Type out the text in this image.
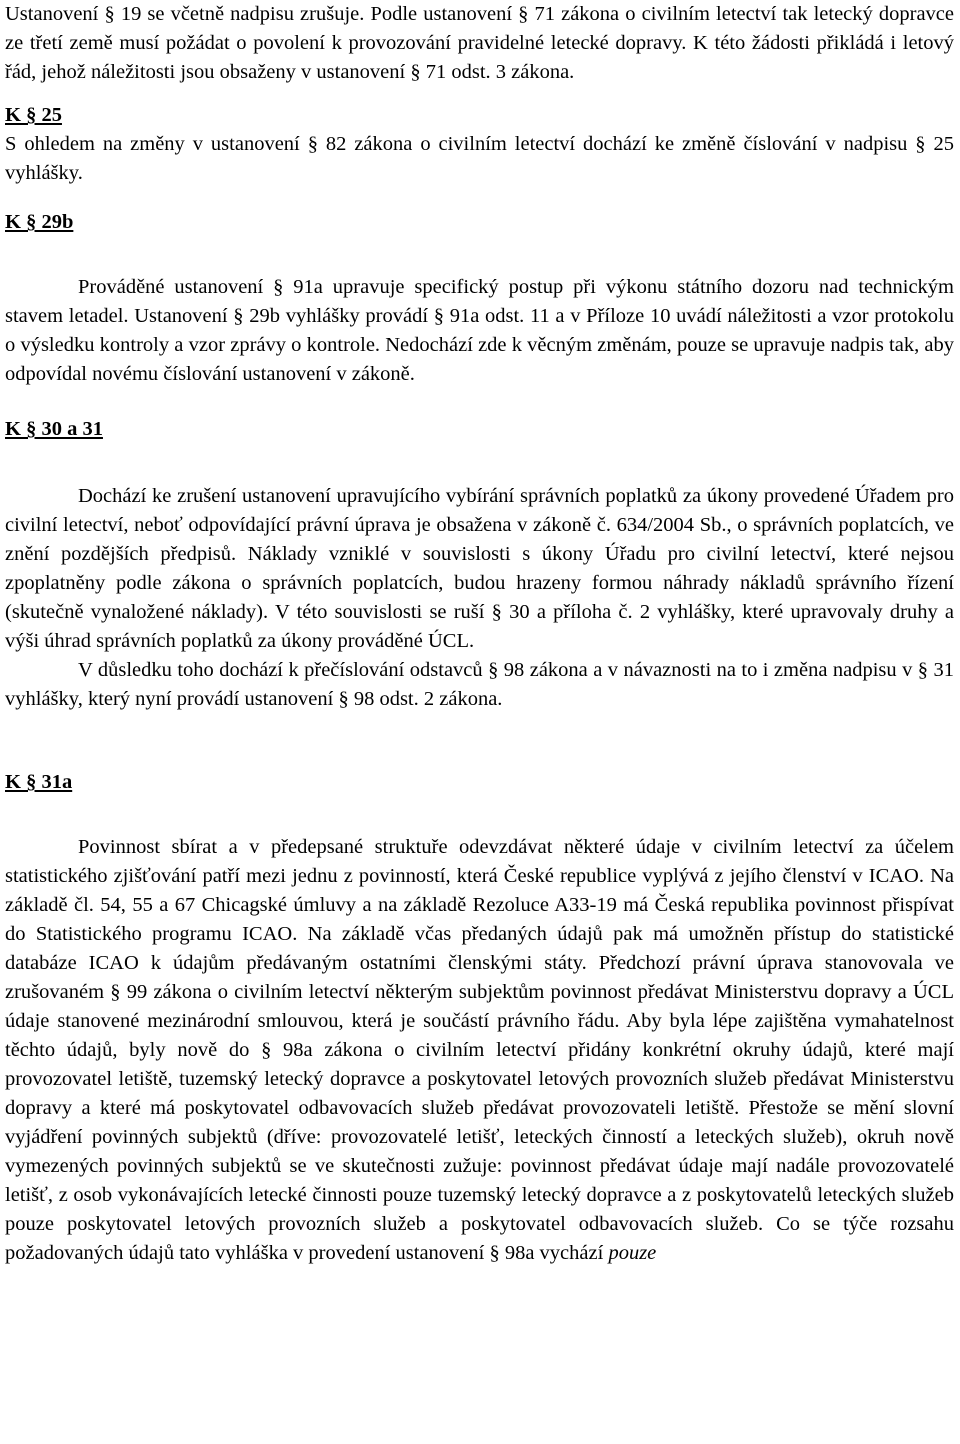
Ustanovení § 19 se včetně nadpisu zrušuje. Podle ustanovení § 71 zákona o civilním letectví tak letecký dopravce ze třetí země musí požádat o povolení k provozování pravidelné letecké dopravy. K této žádosti přikládá i letový řád, jehož náležitosti jsou obsaženy v ustanovení § 71 odst. 3 zákona.

K § 25

S ohledem na změny v ustanovení § 82 zákona o civilním letectví dochází ke změně číslování v nadpisu § 25 vyhlášky.

K § 29b

Prováděné ustanovení § 91a upravuje specifický postup při výkonu státního dozoru nad technickým stavem letadel. Ustanovení § 29b vyhlášky provádí § 91a odst. 11 a v Příloze 10 uvádí náležitosti a vzor protokolu o výsledku kontroly a vzor zprávy o kontrole. Nedochází zde k věcným změnám, pouze se upravuje nadpis tak, aby odpovídal novému číslování ustanovení v zákoně.

K § 30 a 31

Dochází ke zrušení ustanovení upravujícího vybírání správních poplatků za úkony provedené Úřadem pro civilní letectví, neboť odpovídající právní úprava je obsažena v zákoně č. 634/2004 Sb., o správních poplatcích, ve znění pozdějších předpisů. Náklady vzniklé v souvislosti s úkony Úřadu pro civilní letectví, které nejsou zpoplatněny podle zákona o správních poplatcích, budou hrazeny formou náhrady nákladů správního řízení (skutečně vynaložené náklady). V této souvislosti se ruší § 30 a příloha č. 2 vyhlášky, které upravovaly druhy a výši úhrad správních poplatků za úkony prováděné ÚCL.

V důsledku toho dochází k přečíslování odstavců § 98 zákona a v návaznosti na to i změna nadpisu v § 31 vyhlášky, který nyní provádí ustanovení § 98 odst. 2 zákona.

K § 31a

Povinnost sbírat a v předepsané struktuře odevzdávat některé údaje v civilním letectví za účelem statistického zjišťování patří mezi jednu z povinností, která České republice vyplývá z jejího členství v ICAO. Na základě čl. 54, 55 a 67 Chicagské úmluvy a na základě Rezoluce A33-19 má Česká republika povinnost přispívat do Statistického programu ICAO. Na základě včas předaných údajů pak má umožněn přístup do statistické databáze ICAO k údajům předávaným ostatními členskými státy. Předchozí právní úprava stanovovala ve zrušovaném § 99 zákona o civilním letectví některým subjektům povinnost předávat Ministerstvu dopravy a ÚCL údaje stanovené mezinárodní smlouvou, která je součástí právního řádu. Aby byla lépe zajištěna vymahatelnost těchto údajů, byly nově do § 98a zákona o civilním letectví přidány konkrétní okruhy údajů, které mají provozovatel letiště, tuzemský letecký dopravce a poskytovatel letových provozních služeb předávat Ministerstvu dopravy a které má poskytovatel odbavovacích služeb předávat provozovateli letiště. Přestože se mění slovní vyjádření povinných subjektů (dříve: provozovatelé letišť, leteckých činností a leteckých služeb), okruh nově vymezených povinných subjektů se ve skutečnosti zužuje: povinnost předávat údaje mají nadále provozovatelé letišť, z osob vykonávajících letecké činnosti pouze tuzemský letecký dopravce a z poskytovatelů leteckých služeb pouze poskytovatel letových provozních služeb a poskytovatel odbavovacích služeb. Co se týče rozsahu požadovaných údajů tato vyhláška v provedení ustanovení § 98a vychází pouze
